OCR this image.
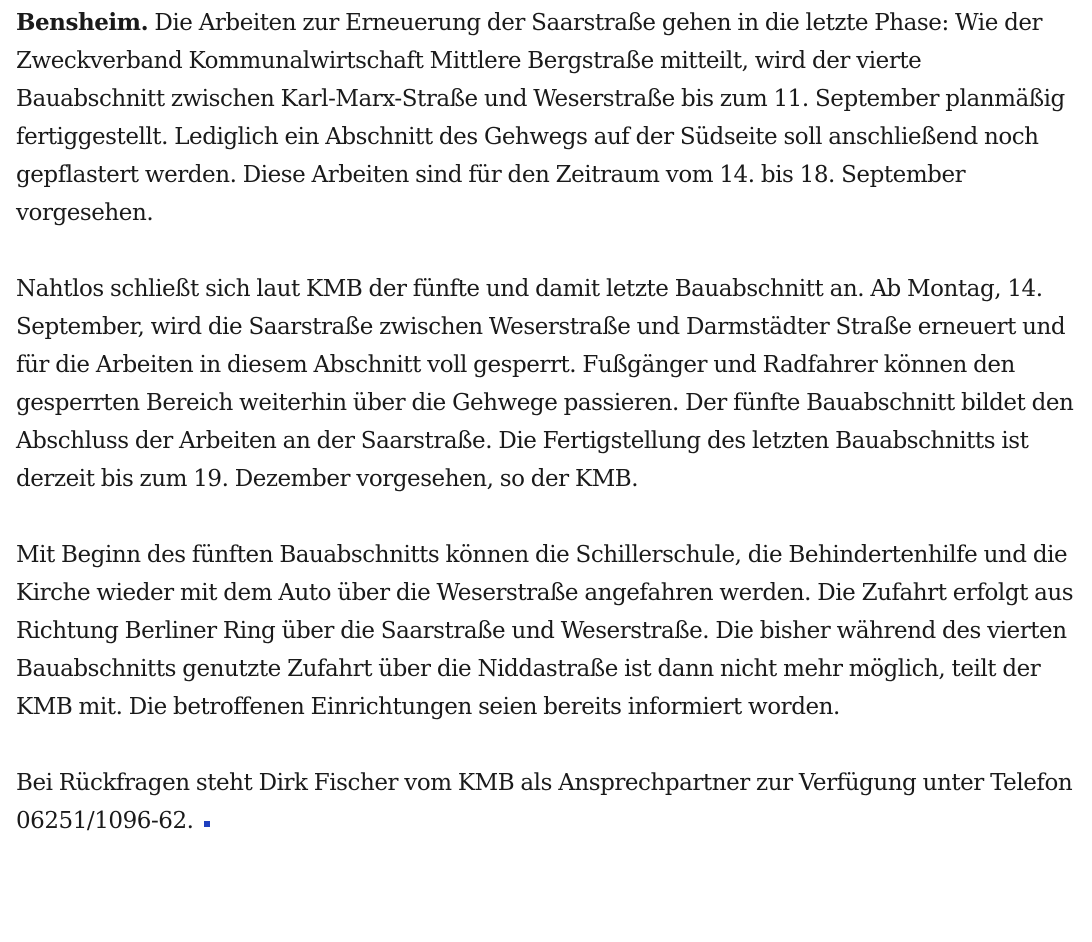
Bensheim. Die Arbeiten zur Erneuerung der Saarstraße gehen in die letzte Phase: Wie der Zweckverband Kommunalwirtschaft Mittlere Bergstraße mitteilt, wird der vierte Bauabschnitt zwischen Karl-Marx-Straße und Weserstraße bis zum 11. September planmäßig fertiggestellt. Lediglich ein Abschnitt des Gehwegs auf der Südseite soll anschließend noch gepflastert werden. Diese Arbeiten sind für den Zeitraum vom 14. bis 18. September vorgesehen.

Nahtlos schließt sich laut KMB der fünfte und damit letzte Bauabschnitt an. Ab Montag, 14. September, wird die Saarstraße zwischen Weserstraße und Darmstädter Straße erneuert und für die Arbeiten in diesem Abschnitt voll gesperrt. Fußgänger und Radfahrer können den gesperrten Bereich weiterhin über die Gehwege passieren. Der fünfte Bauabschnitt bildet den Abschluss der Arbeiten an der Saarstraße. Die Fertigstellung des letzten Bauabschnitts ist derzeit bis zum 19. Dezember vorgesehen, so der KMB.

Mit Beginn des fünften Bauabschnitts können die Schillerschule, die Behindertenhilfe und die Kirche wieder mit dem Auto über die Weserstraße angefahren werden. Die Zufahrt erfolgt aus Richtung Berliner Ring über die Saarstraße und Weserstraße. Die bisher während des vierten Bauabschnitts genutzte Zufahrt über die Niddastraße ist dann nicht mehr möglich, teilt der KMB mit. Die betroffenen Einrichtungen seien bereits informiert worden.

Bei Rückfragen steht Dirk Fischer vom KMB als Ansprechpartner zur Verfügung unter Telefon 06251/1096-62.
